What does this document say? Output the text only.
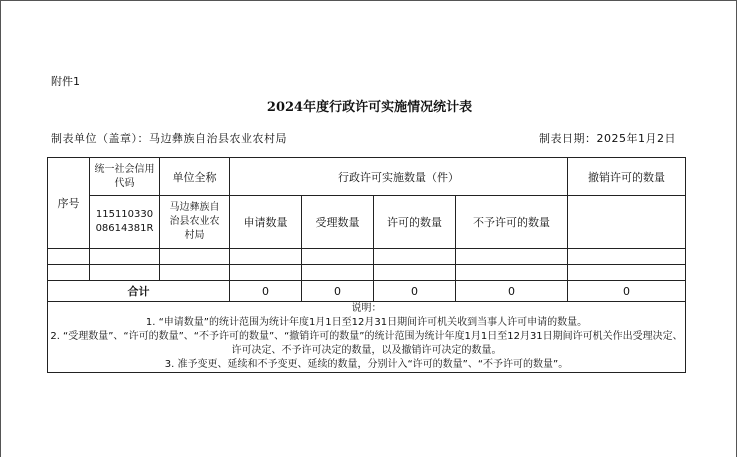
附件1
2024年度行政许可实施情况统计表
制表单位（盖章）：马边彝族自治县农业农村局	制表日期：2025年1月2日
序号	统一社会信用代码	单位全称	行政许可实施数量（件）				撤销许可的数量
	11511033008614381R	马边彝族自治县农业农村局	申请数量	受理数量	许可的数量	不予许可的数量	

合计			0	0	0	0	0

说明：

1. “申请数量”的统计范围为统计年度1月1日至12月31日期间许可机关收到当事人许可申请的数量。

2. “受理数量”、“许可的数量”、“不予许可的数量”、“撤销许可的数量”的统计范围为统计年度1月1日至12月31日期间许可机关作出受理决定、许可决定、不予许可决定的数量，以及撤销许可决定的数量。

3. 准予变更、延续和不予变更、延续的数量，分别计入“许可的数量”、“不予许可的数量”。							
